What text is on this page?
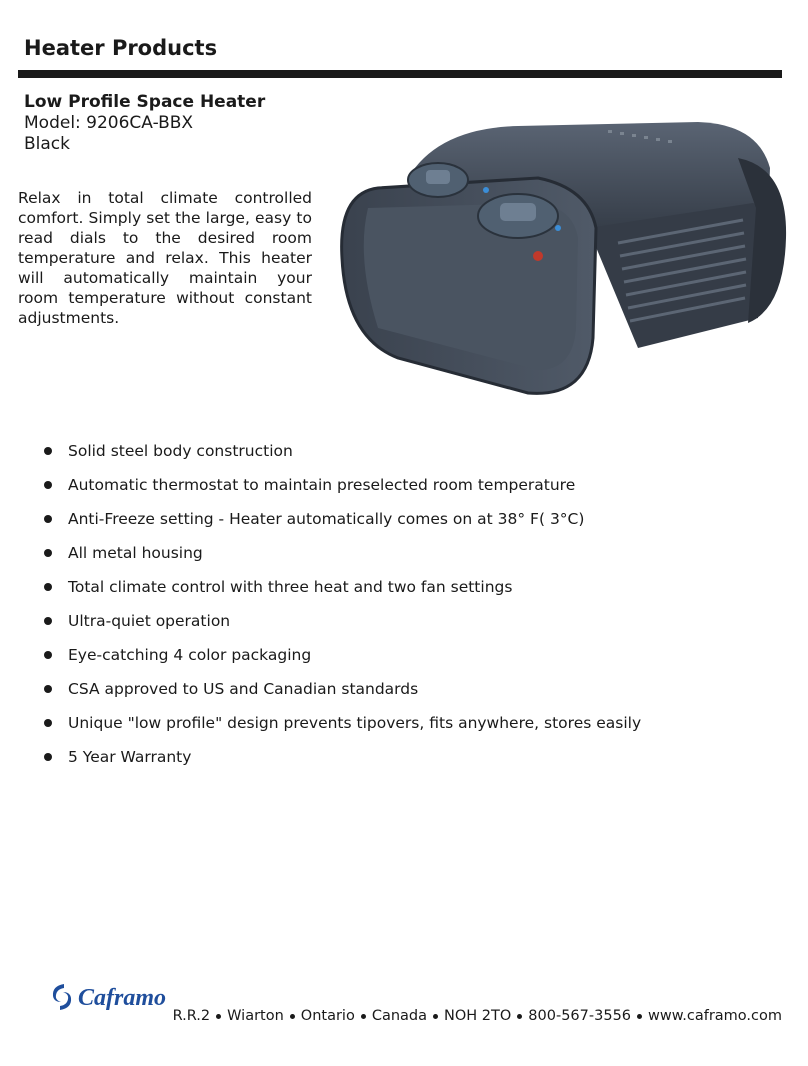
Heater Products
Low Profile Space Heater
Model: 9206CA-BBX
Black

Relax in total climate controlled comfort. Simply set the large, easy to read dials to the desired room temperature and relax. This heater will automatically maintain your room temperature without constant adjustments.

Solid steel body construction
Automatic thermostat to maintain preselected room temperature
Anti-Freeze setting - Heater automatically comes on at 38° F( 3°C)
All metal housing
Total climate control with three heat and two fan settings
Ultra-quiet operation
Eye-catching 4 color packaging
CSA approved to US and Canadian standards
Unique "low profile" design prevents tipovers, fits anywhere, stores easily
5 Year Warranty
Caframo
R.R.2 Wiarton Ontario Canada NOH 2TO 800-567-3556 www.caframo.com
